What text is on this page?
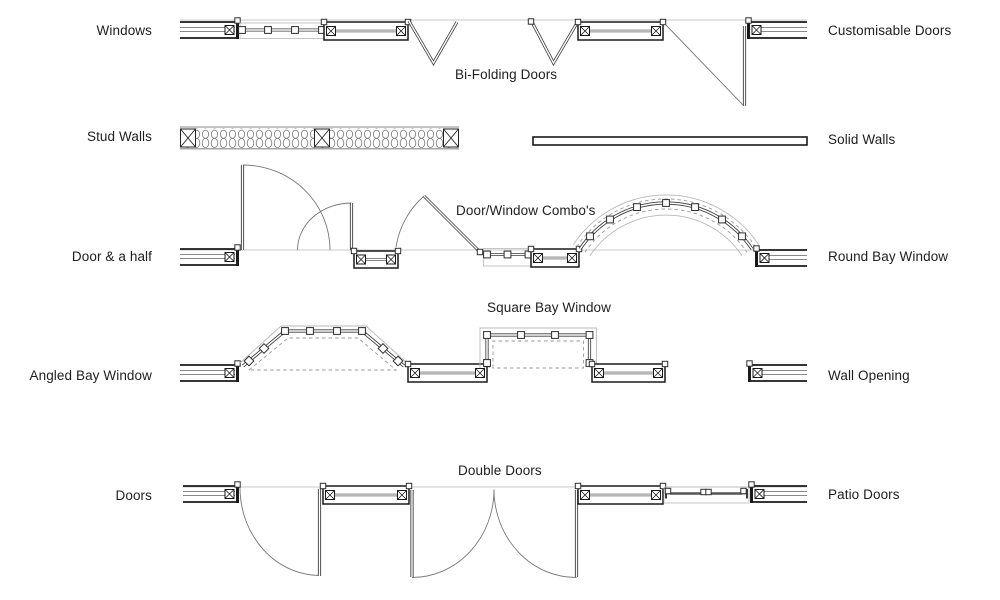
Windows
Stud Walls
Door & a half
Angled Bay Window
Doors
Customisable Doors
Solid Walls
Round Bay Window
Wall Opening
Patio Doors
Bi-Folding Doors
Door/Window Combo's
Square Bay Window
Double Doors
